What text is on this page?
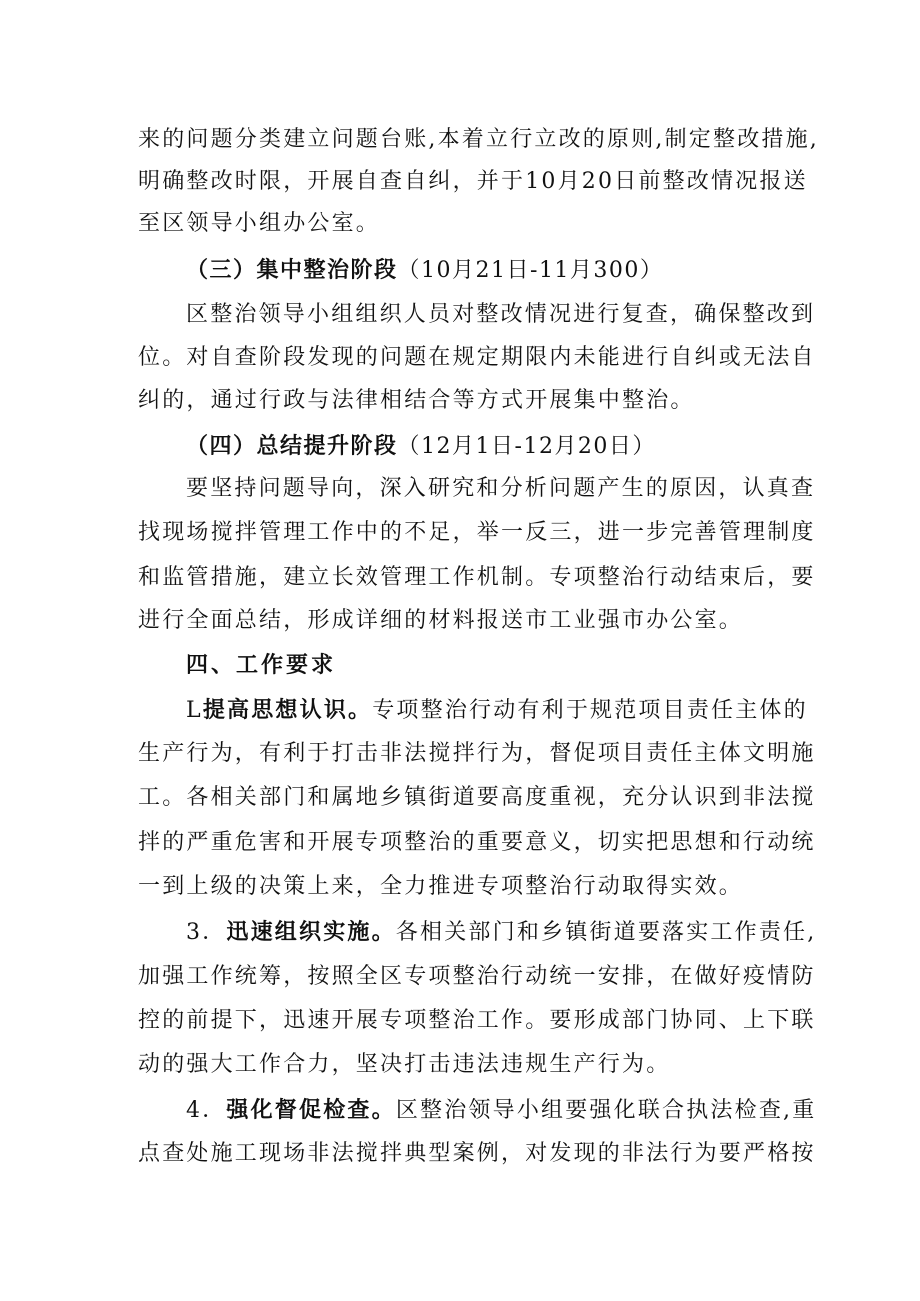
来的问题分类建立问题台账,本着立行立改的原则,制定整改措施,
明确整改时限，开展自查自纠，并于10月20日前整改情况报送
至区领导小组办公室。
（三）集中整治阶段（10月21日-11月300）
区整治领导小组组织人员对整改情况进行复查，确保整改到
位。对自查阶段发现的问题在规定期限内未能进行自纠或无法自
纠的，通过行政与法律相结合等方式开展集中整治。
（四）总结提升阶段（12月1日-12月20日）
要坚持问题导向，深入研究和分析问题产生的原因，认真查
找现场搅拌管理工作中的不足，举一反三，进一步完善管理制度
和监管措施，建立长效管理工作机制。专项整治行动结束后，要
进行全面总结，形成详细的材料报送市工业强市办公室。
四、工作要求
L提高思想认识。专项整治行动有利于规范项目责任主体的
生产行为，有利于打击非法搅拌行为，督促项目责任主体文明施
工。各相关部门和属地乡镇街道要高度重视，充分认识到非法搅
拌的严重危害和开展专项整治的重要意义，切实把思想和行动统
一到上级的决策上来，全力推进专项整治行动取得实效。
3．迅速组织实施。各相关部门和乡镇街道要落实工作责任,
加强工作统筹，按照全区专项整治行动统一安排，在做好疫情防
控的前提下，迅速开展专项整治工作。要形成部门协同、上下联
动的强大工作合力，坚决打击违法违规生产行为。
4．强化督促检查。区整治领导小组要强化联合执法检查,重
点查处施工现场非法搅拌典型案例，对发现的非法行为要严格按
